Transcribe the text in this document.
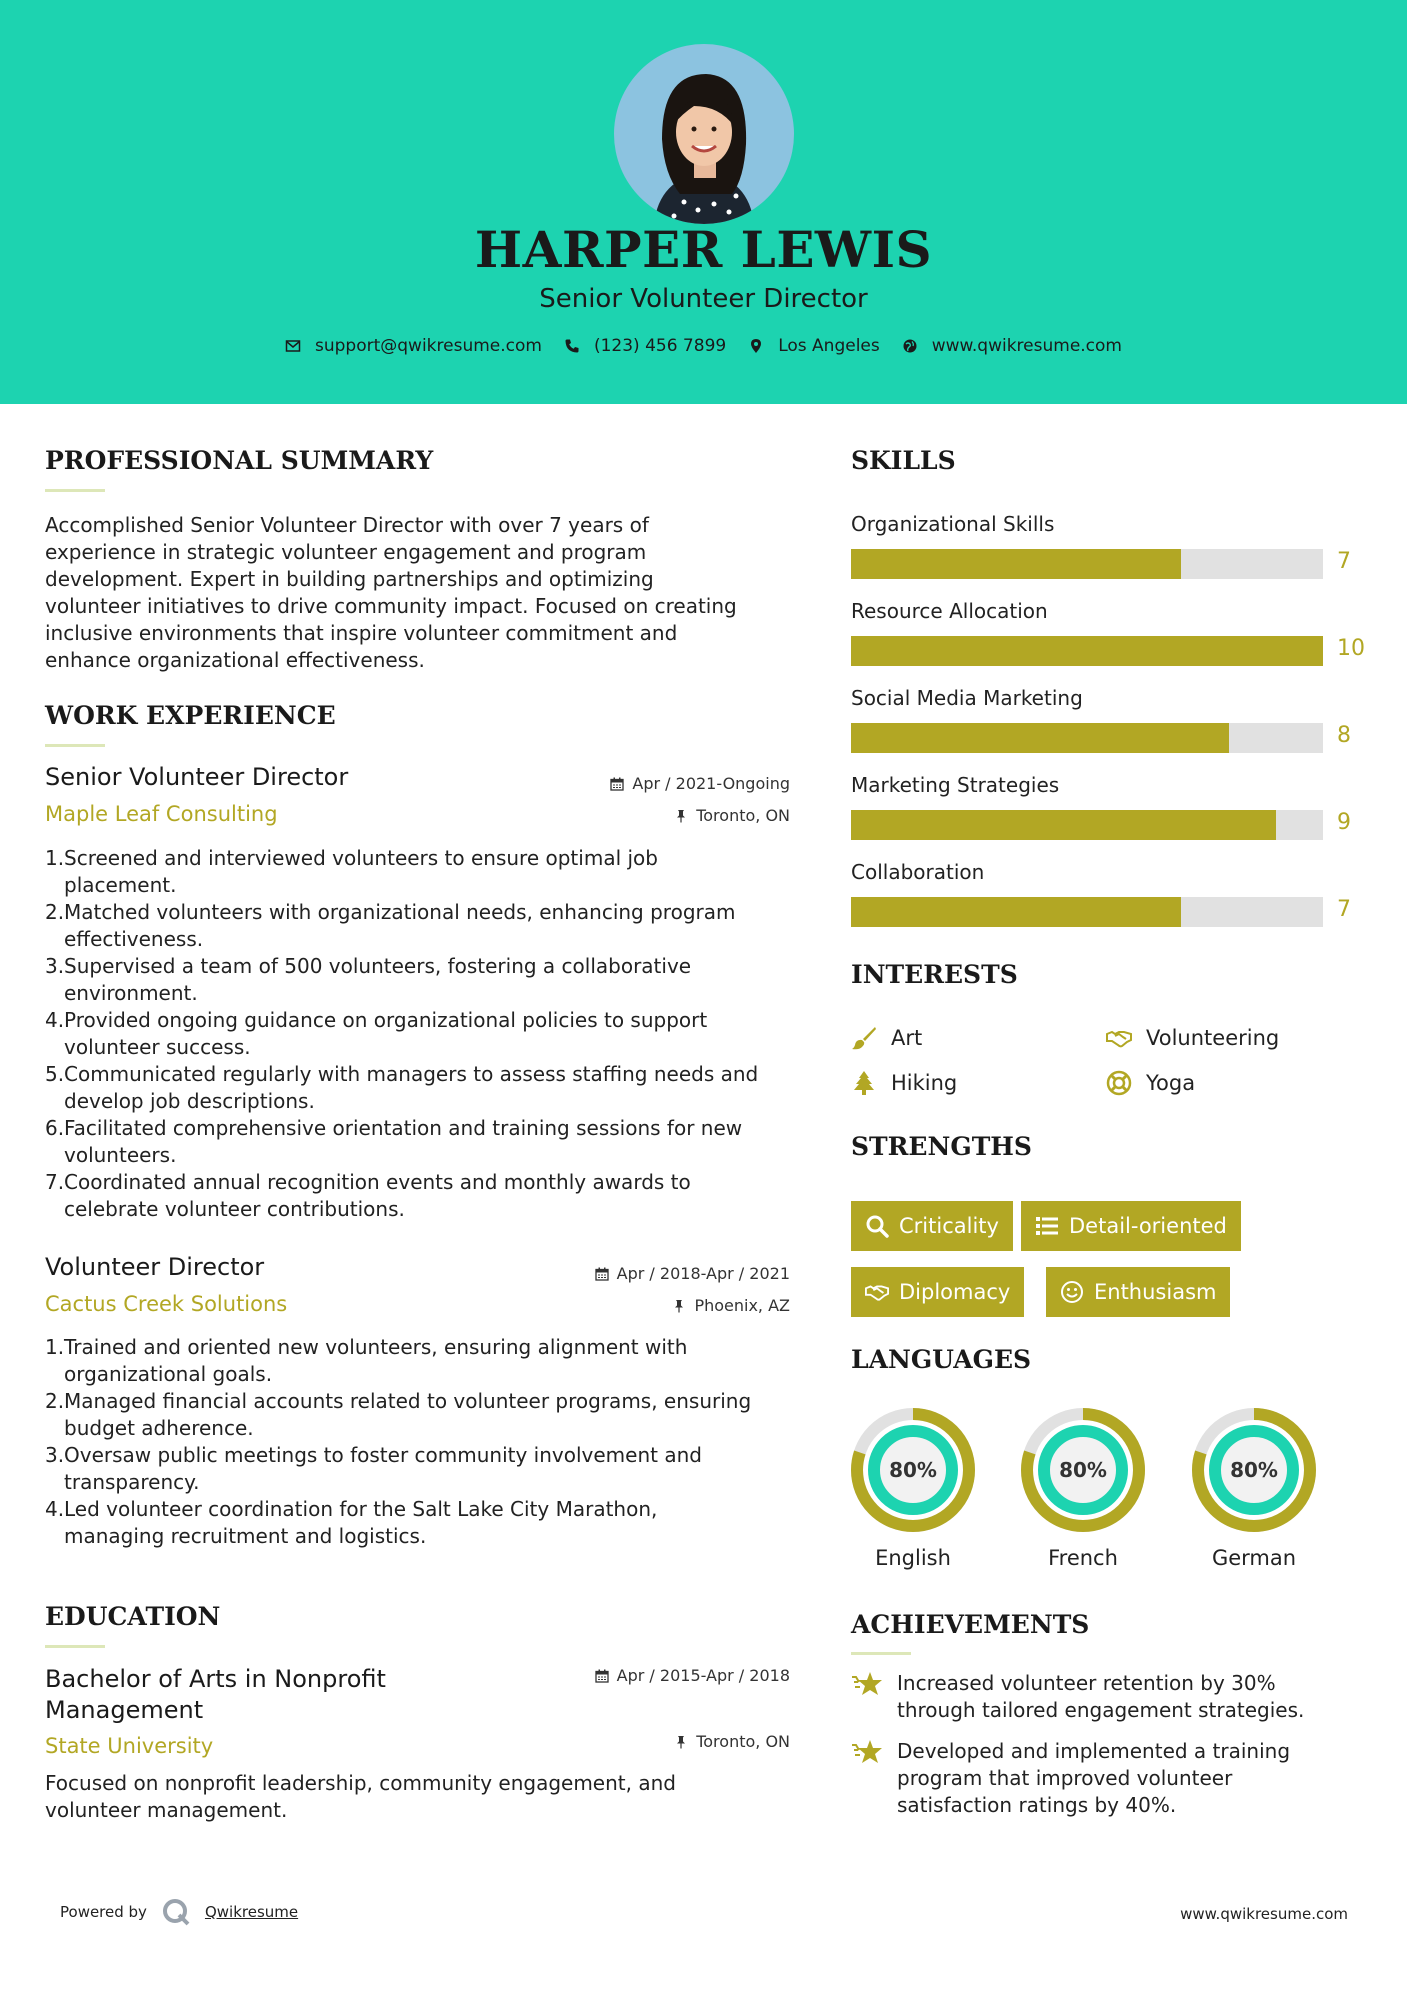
HARPER LEWIS
Senior Volunteer Director
support@qwikresume.com	(123) 456 7899	Los Angeles	www.qwikresume.com
PROFESSIONAL SUMMARY
Accomplished Senior Volunteer Director with over 7 years of
experience in strategic volunteer engagement and program
development. Expert in building partnerships and optimizing
volunteer initiatives to drive community impact. Focused on creating
inclusive environments that inspire volunteer commitment and
enhance organizational effectiveness.
WORK EXPERIENCE
Senior Volunteer Director
Maple Leaf Consulting
Apr / 2021-Ongoing
Toronto, ON
1. Screened and interviewed volunteers to ensure optimal job
placement.
2. Matched volunteers with organizational needs, enhancing program
effectiveness.
3. Supervised a team of 500 volunteers, fostering a collaborative
environment.
4. Provided ongoing guidance on organizational policies to support
volunteer success.
5. Communicated regularly with managers to assess staffing needs and
develop job descriptions.
6. Facilitated comprehensive orientation and training sessions for new
volunteers.
7. Coordinated annual recognition events and monthly awards to
celebrate volunteer contributions.
Volunteer Director
Cactus Creek Solutions
Apr / 2018-Apr / 2021
Phoenix, AZ
1. Trained and oriented new volunteers, ensuring alignment with
organizational goals.
2. Managed financial accounts related to volunteer programs, ensuring
budget adherence.
3. Oversaw public meetings to foster community involvement and
transparency.
4. Led volunteer coordination for the Salt Lake City Marathon,
managing recruitment and logistics.
EDUCATION
Bachelor of Arts in Nonprofit
Management
State University
Apr / 2015-Apr / 2018
Toronto, ON
Focused on nonprofit leadership, community engagement, and
volunteer management.
SKILLS
Organizational Skills
7
Resource Allocation
10
Social Media Marketing
8
Marketing Strategies
9
Collaboration
7
INTERESTS
Art	Volunteering
Hiking	Yoga
STRENGTHS
Criticality	Detail-oriented
Diplomacy	Enthusiasm
LANGUAGES
80%
English
80%
French
80%
German
ACHIEVEMENTS
Increased volunteer retention by 30%
through tailored engagement strategies.
Developed and implemented a training
program that improved volunteer
satisfaction ratings by 40%.
Powered by	Qwikresume	www.qwikresume.com
